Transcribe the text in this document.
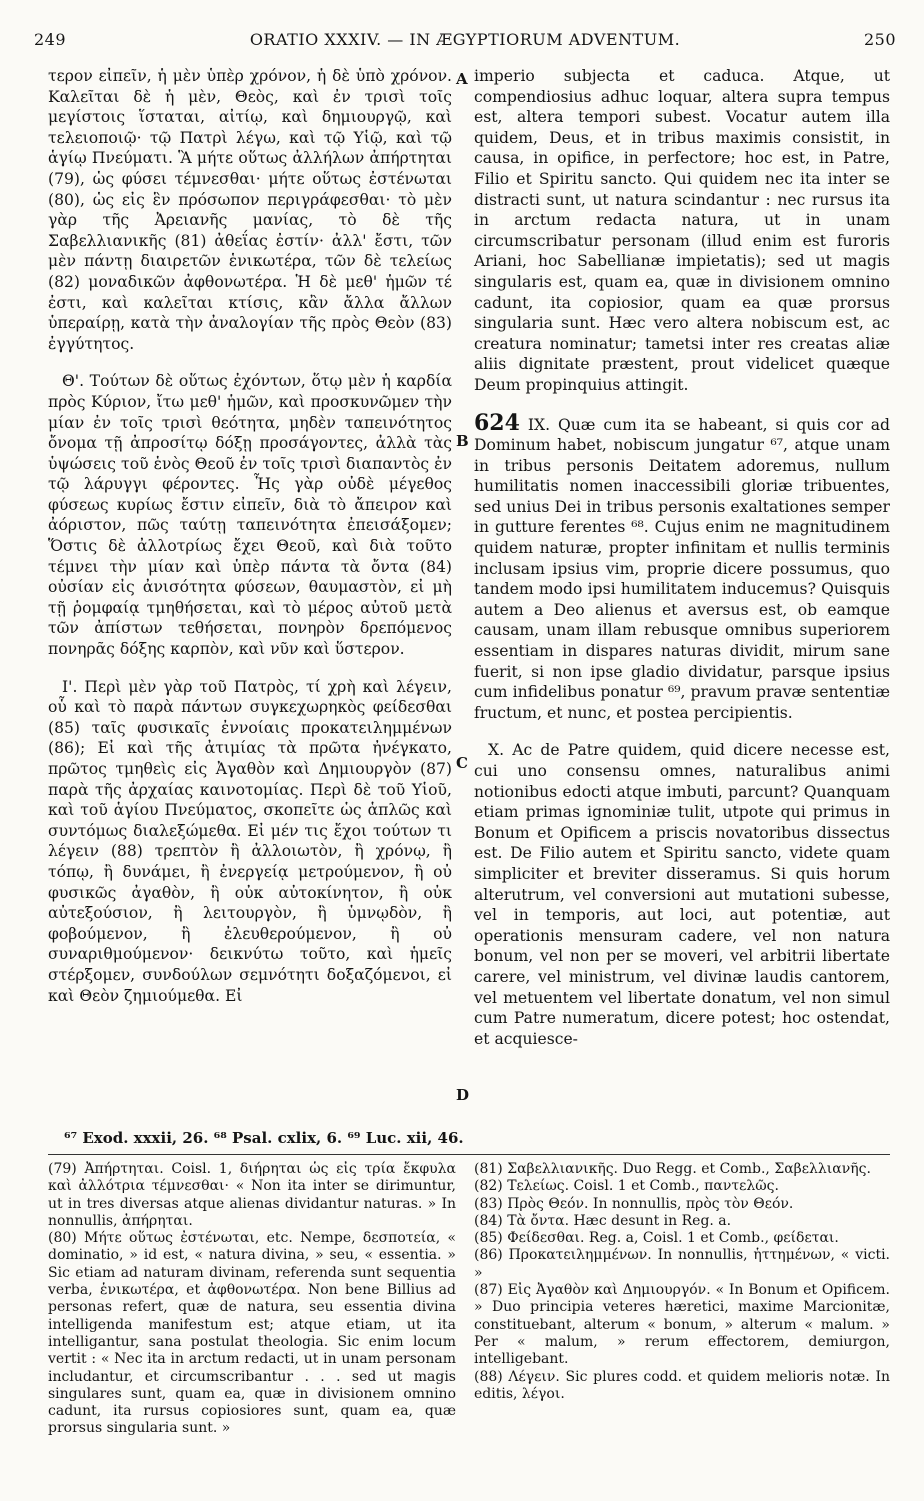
249	ORATIO XXXIV. — IN ÆGYPTIORUM ADVENTUM.	250

τερον εἰπεῖν, ἡ μὲν ὑπὲρ χρόνον, ἡ δὲ ὑπὸ χρόνον. Καλεῖται δὲ ἡ μὲν, Θεὸς, καὶ ἐν τρισὶ τοῖς μεγίστοις ἵσταται, αἰτίῳ, καὶ δημιουργῷ, καὶ τελειοποιῷ· τῷ Πατρὶ λέγω, καὶ τῷ Υἱῷ, καὶ τῷ ἁγίῳ Πνεύματι. Ἃ μήτε οὕτως ἀλλήλων ἀπήρτηται (79), ὡς φύσει τέμνεσθαι· μήτε οὕτως ἐστένωται (80), ὡς εἰς ἓν πρόσωπον περιγράφεσθαι· τὸ μὲν γὰρ τῆς Ἀρειανῆς μανίας, τὸ δὲ τῆς Σαβελλιανικῆς (81) ἀθεΐας ἐστίν· ἀλλ' ἔστι, τῶν μὲν πάντῃ διαιρετῶν ἑνικωτέρα, τῶν δὲ τελείως (82) μοναδικῶν ἀφθονωτέρα. Ἡ δὲ μεθ' ἡμῶν τέ ἐστι, καὶ καλεῖται κτίσις, κἂν ἄλλα ἄλλων ὑπεραίρῃ, κατὰ τὴν ἀναλογίαν τῆς πρὸς Θεὸν (83) ἐγγύτητος.

Θ'. Τούτων δὲ οὕτως ἐχόντων, ὅτῳ μὲν ἡ καρδία πρὸς Κύριον, ἴτω μεθ' ἡμῶν, καὶ προσκυνῶμεν τὴν μίαν ἐν τοῖς τρισὶ θεότητα, μηδὲν ταπεινότητος ὄνομα τῇ ἀπροσίτῳ δόξῃ προσάγοντες, ἀλλὰ τὰς ὑψώσεις τοῦ ἑνὸς Θεοῦ ἐν τοῖς τρισὶ διαπαντὸς ἐν τῷ λάρυγγι φέροντες. Ἧς γὰρ οὐδὲ μέγεθος φύσεως κυρίως ἔστιν εἰπεῖν, διὰ τὸ ἄπειρον καὶ ἀόριστον, πῶς ταύτῃ ταπεινότητα ἐπεισάξομεν; Ὅστις δὲ ἀλλοτρίως ἔχει Θεοῦ, καὶ διὰ τοῦτο τέμνει τὴν μίαν καὶ ὑπὲρ πάντα τὰ ὄντα (84) οὐσίαν εἰς ἀνισότητα φύσεων, θαυμαστὸν, εἰ μὴ τῇ ῥομφαίᾳ τμηθήσεται, καὶ τὸ μέρος αὐτοῦ μετὰ τῶν ἀπίστων τεθήσεται, πονηρὸν δρεπόμενος πονηρᾶς δόξης καρπὸν, καὶ νῦν καὶ ὕστερον.

Ι'. Περὶ μὲν γὰρ τοῦ Πατρὸς, τί χρὴ καὶ λέγειν, οὗ καὶ τὸ παρὰ πάντων συγκεχωρηκὸς φείδεσθαι (85) ταῖς φυσικαῖς ἐννοίαις προκατειλημμένων (86); Εἰ καὶ τῆς ἀτιμίας τὰ πρῶτα ἠνέγκατο, πρῶτος τμηθεὶς εἰς Ἀγαθὸν καὶ Δημιουργὸν (87) παρὰ τῆς ἀρχαίας καινοτομίας. Περὶ δὲ τοῦ Υἱοῦ, καὶ τοῦ ἁγίου Πνεύματος, σκοπεῖτε ὡς ἁπλῶς καὶ συντόμως διαλεξώμεθα. Εἰ μέν τις ἔχοι τούτων τι λέγειν (88) τρεπτὸν ἢ ἀλλοιωτὸν, ἢ χρόνῳ, ἢ τόπῳ, ἢ δυνάμει, ἢ ἐνεργείᾳ μετρούμενον, ἢ οὐ φυσικῶς ἀγαθὸν, ἢ οὐκ αὐτοκίνητον, ἢ οὐκ αὐτεξούσιον, ἢ λειτουργὸν, ἢ ὑμνῳδὸν, ἢ φοβούμενον, ἢ ἐλευθερούμενον, ἢ οὐ συναριθμούμενον· δεικνύτω τοῦτο, καὶ ἡμεῖς στέρξομεν, συνδούλων σεμνότητι δοξαζόμενοι, εἰ καὶ Θεὸν ζημιούμεθα. Εἰ

A
B
C
D

imperio subjecta et caduca. Atque, ut compendiosius adhuc loquar, altera supra tempus est, altera tempori subest. Vocatur autem illa quidem, Deus, et in tribus maximis consistit, in causa, in opifice, in perfectore; hoc est, in Patre, Filio et Spiritu sancto. Qui quidem nec ita inter se distracti sunt, ut natura scindantur : nec rursus ita in arctum redacta natura, ut in unam circumscribatur personam (illud enim est furoris Ariani, hoc Sabellianæ impietatis); sed ut magis singularis est, quam ea, quæ in divisionem omnino cadunt, ita copiosior, quam ea quæ prorsus singularia sunt. Hæc vero altera nobiscum est, ac creatura nominatur; tametsi inter res creatas aliæ aliis dignitate præstent, prout videlicet quæque Deum propinquius attingit.

624 IX. Quæ cum ita se habeant, si quis cor ad Dominum habet, nobiscum jungatur ⁶⁷, atque unam in tribus personis Deitatem adoremus, nullum humilitatis nomen inaccessibili gloriæ tribuentes, sed unius Dei in tribus personis exaltationes semper in gutture ferentes ⁶⁸. Cujus enim ne magnitudinem quidem naturæ, propter infinitam et nullis terminis inclusam ipsius vim, proprie dicere possumus, quo tandem modo ipsi humilitatem inducemus? Quisquis autem a Deo alienus et aversus est, ob eamque causam, unam illam rebusque omnibus superiorem essentiam in dispares naturas dividit, mirum sane fuerit, si non ipse gladio dividatur, parsque ipsius cum infidelibus ponatur ⁶⁹, pravum pravæ sententiæ fructum, et nunc, et postea percipientis.

X. Ac de Patre quidem, quid dicere necesse est, cui uno consensu omnes, naturalibus animi notionibus edocti atque imbuti, parcunt? Quanquam etiam primas ignominiæ tulit, utpote qui primus in Bonum et Opificem a priscis novatoribus dissectus est. De Filio autem et Spiritu sancto, videte quam simpliciter et breviter disseramus. Si quis horum alterutrum, vel conversioni aut mutationi subesse, vel in temporis, aut loci, aut potentiæ, aut operationis mensuram cadere, vel non natura bonum, vel non per se moveri, vel arbitrii libertate carere, vel ministrum, vel divinæ laudis cantorem, vel metuentem vel libertate donatum, vel non simul cum Patre numeratum, dicere potest; hoc ostendat, et acquiesce-

⁶⁷ Exod. xxxii, 26. ⁶⁸ Psal. cxlix, 6. ⁶⁹ Luc. xii, 46.

(79) Ἀπήρτηται. Coisl. 1, διήρηται ὡς εἰς τρία ἔκφυλα καὶ ἀλλότρια τέμνεσθαι· « Non ita inter se dirimuntur, ut in tres diversas atque alienas dividantur naturas. » In nonnullis, ἀπήρηται.

(80) Μήτε οὕτως ἐστένωται, etc. Nempe, δεσποτεία, « dominatio, » id est, « natura divina, » seu, « essentia. » Sic etiam ad naturam divinam, referenda sunt sequentia verba, ἑνικωτέρα, et ἀφθονωτέρα. Non bene Billius ad personas refert, quæ de natura, seu essentia divina intelligenda manifestum est; atque etiam, ut ita intelligantur, sana postulat theologia. Sic enim locum vertit : « Nec ita in arctum redacti, ut in unam personam includantur, et circumscribantur . . . sed ut magis singulares sunt, quam ea, quæ in divisionem omnino cadunt, ita rursus copiosiores sunt, quam ea, quæ prorsus singularia sunt. »

(81) Σαβελλιανικῆς. Duo Regg. et Comb., Σαβελλιανῆς.

(82) Τελείως. Coisl. 1 et Comb., παντελῶς.

(83) Πρὸς Θεόν. In nonnullis, πρὸς τὸν Θεόν.

(84) Τὰ ὄντα. Hæc desunt in Reg. a.

(85) Φείδεσθαι. Reg. a, Coisl. 1 et Comb., φείδεται.

(86) Προκατειλημμένων. In nonnullis, ἡττημένων, « victi. »

(87) Εἰς Ἀγαθὸν καὶ Δημιουργόν. « In Bonum et Opificem. » Duo principia veteres hæretici, maxime Marcionitæ, constituebant, alterum « bonum, » alterum « malum. » Per « malum, » rerum effectorem, demiurgon, intelligebant.

(88) Λέγειν. Sic plures codd. et quidem melioris notæ. In editis, λέγοι.
